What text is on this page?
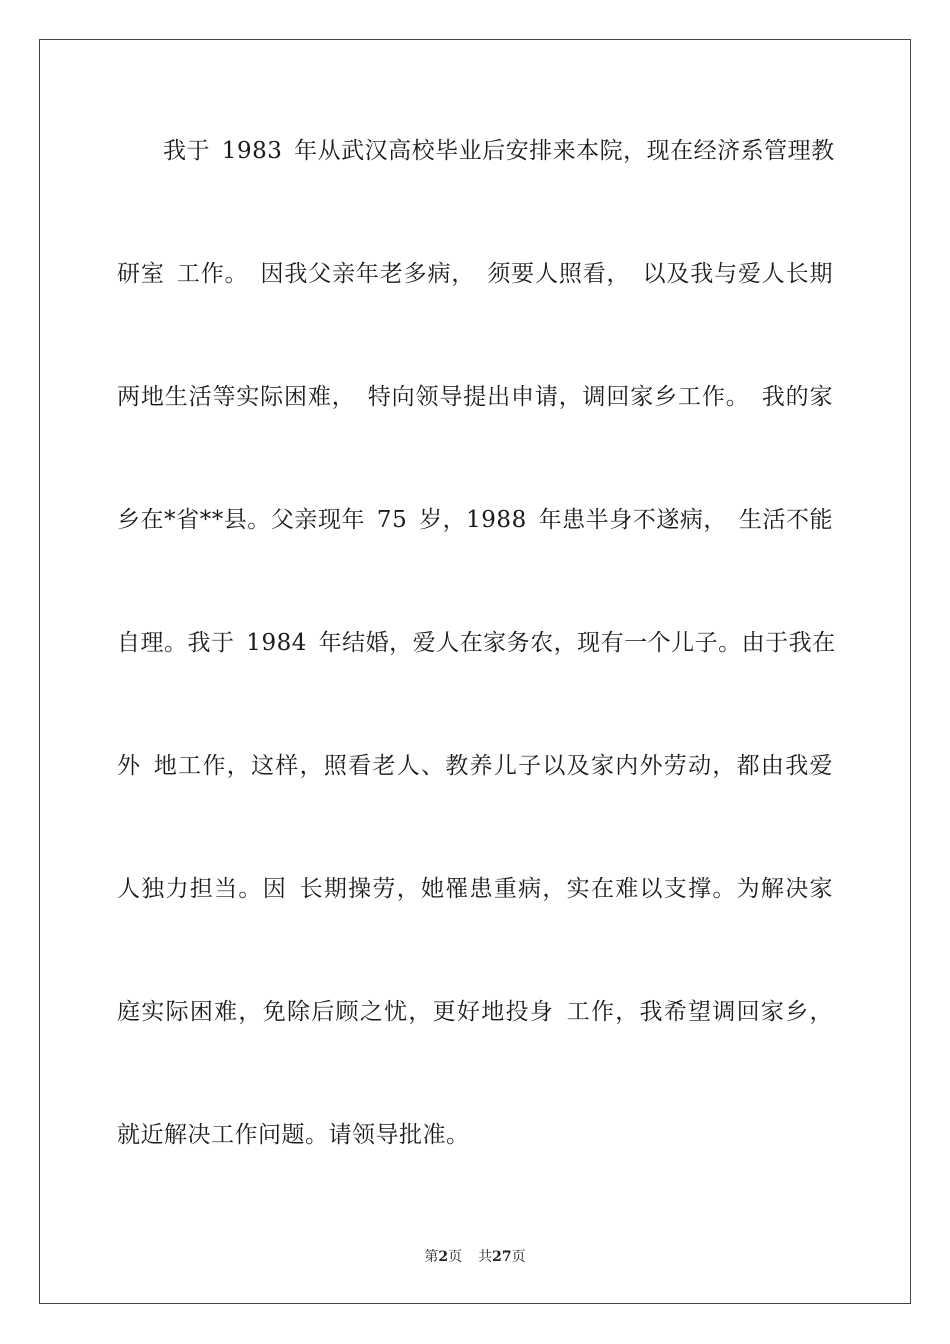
我于 1983 年从武汉高校毕业后安排来本院，现在经济系管理教
研室 工作。 因我父亲年老多病， 须要人照看， 以及我与爱人长期
两地生活等实际困难， 特向领导提出申请，调回家乡工作。 我的家
乡在*省**县。父亲现年 75 岁，1988 年患半身不遂病， 生活不能
自理。我于 1984 年结婚，爱人在家务农，现有一个儿子。由于我在
外 地工作，这样，照看老人、教养儿子以及家内外劳动，都由我爱
人独力担当。因 长期操劳，她罹患重病，实在难以支撑。为解决家
庭实际困难，免除后顾之忧，更好地投身 工作，我希望调回家乡，
就近解决工作问题。请领导批准。
第2页 共27页
